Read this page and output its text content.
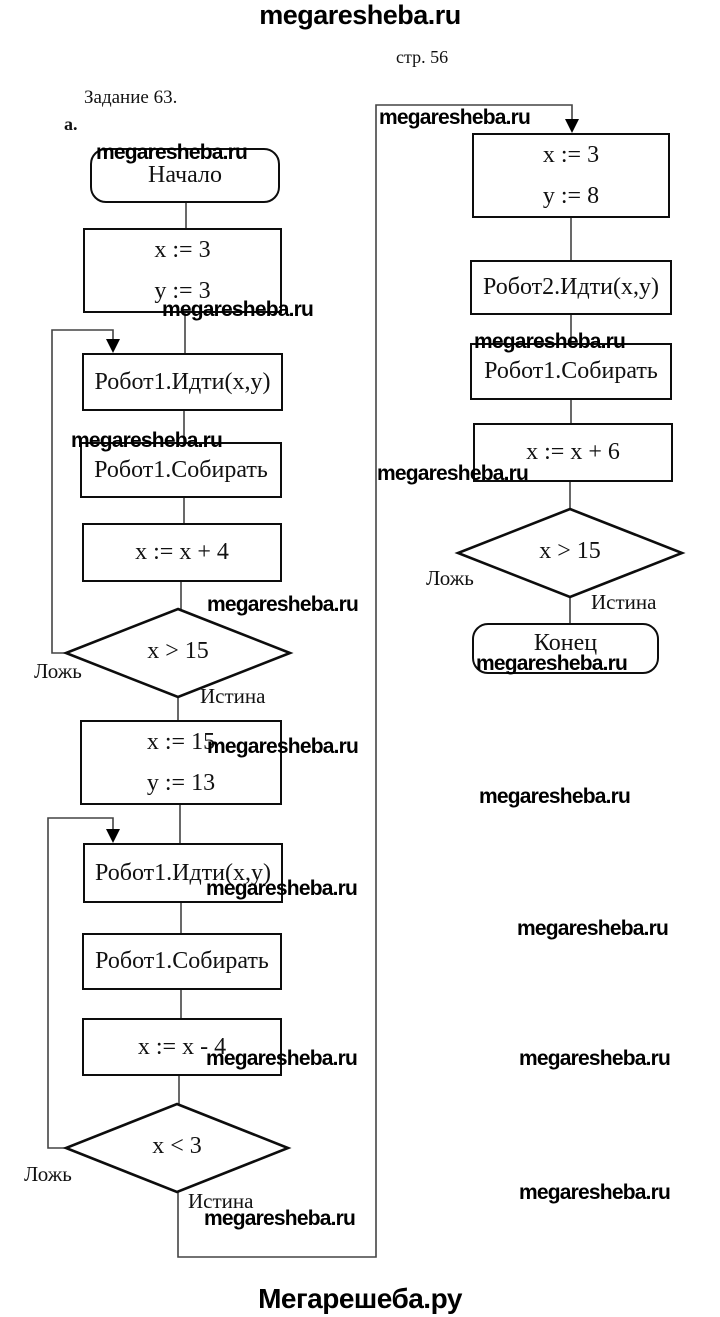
megaresheba.ru
стр. 56
Задание 63.
а.
Начало
x := 3
y := 3
Робот1.Идти(x,y)
Робот1.Собирать
x := x + 4
x > 15
Ложь
Истина
x := 15
y := 13
Робот1.Идти(x,y)
Робот1.Собирать
x := x - 4
x < 3
Ложь
Истина
x := 3
y := 8
Робот2.Идти(x,y)
Робот1.Собирать
x := x + 6
x > 15
Ложь
Истина
Конец
megaresheba.ru
megaresheba.ru
megaresheba.ru
megaresheba.ru
megaresheba.ru
megaresheba.ru
megaresheba.ru
megaresheba.ru
megaresheba.ru
megaresheba.ru
megaresheba.ru
megaresheba.ru
megaresheba.ru
megaresheba.ru
megaresheba.ru
megaresheba.ru
Мегарешеба.ру
